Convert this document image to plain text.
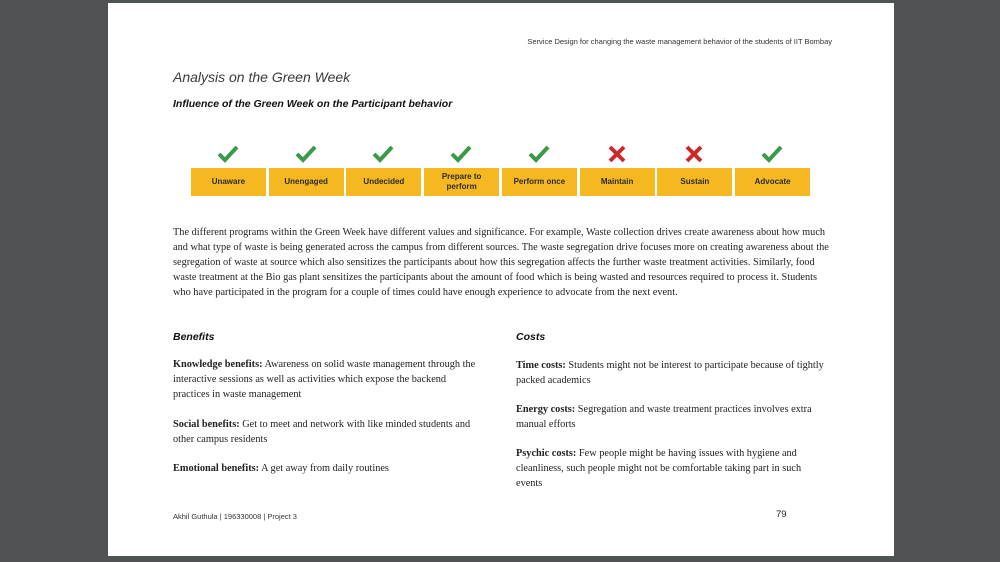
Service Design for changing the waste management behavior of the students of IIT Bombay
Analysis on the Green Week
Influence of the Green Week on the Participant behavior
Unaware	Unengaged	Undecided
Prepare to perform
Perform once	Maintain	Sustain	Advocate
The different programs within the Green Week have different values and significance. For example, Waste collection drives create awareness about how much and what type of waste is being generated across the campus from different sources. The waste segregation drive focuses more on creating awareness about the segregation of waste at source which also sensitizes the participants about how this segregation affects the further waste treatment activities. Similarly, food waste treatment at the Bio gas plant sensitizes the participants about the amount of food which is being wasted and resources required to process it. Students who have participated in the program for a couple of times could have enough experience to advocate from the next event.
Benefits	Costs
Knowledge benefits: Awareness on solid waste management through the interactive sessions as well as activities which expose the backend practices in waste management
Social benefits: Get to meet and network with like minded students and other campus residents
Emotional benefits: A get away from daily routines
Time costs: Students might not be interest to participate because of tightly packed academics
Energy costs: Segregation and waste treatment practices involves extra manual efforts
Psychic costs: Few people might be having issues with hygiene and cleanliness, such people might not be comfortable taking part in such events
Akhil Guthula | 196330008 | Project 3	79
